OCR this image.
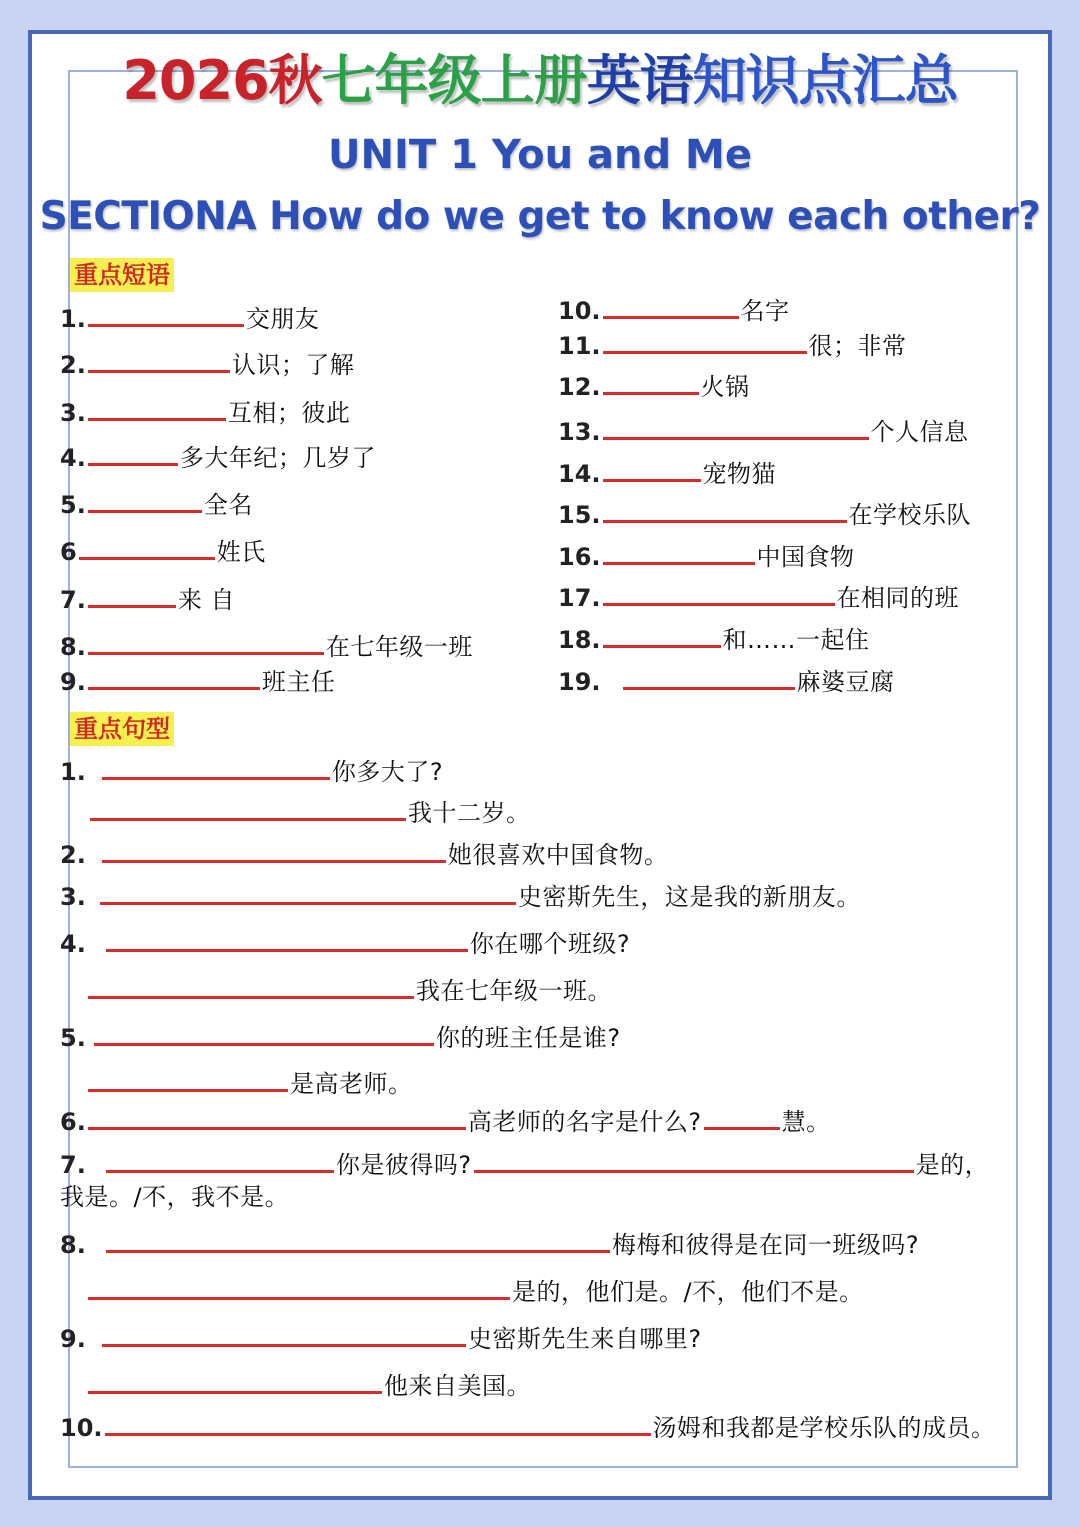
2026秋七年级上册英语知识点汇总
UNIT 1 You and Me
SECTIONA How do we get to know each other?
重点短语
1.	交朋友
2.	认识；了解
3.	互相；彼此
4.	多大年纪；几岁了
5.	全名
6	姓氏
7.	来 自
8.	在七年级一班
9.	班主任
10.	名字
11.	很；非常
12.	火锅
13.	个人信息
14.	宠物猫
15.	在学校乐队
16.	中国食物
17.	在相同的班
18.	和……一起住
19.	麻婆豆腐
重点句型
1.	你多大了?
我十二岁。
2.	她很喜欢中国食物。
3.	史密斯先生，这是我的新朋友。
4.	你在哪个班级?
我在七年级一班。
5.	你的班主任是谁?
是高老师。
6.	高老师的名字是什么?	慧。
7.	你是彼得吗?	是的，
我是。/不，我不是。
8.	梅梅和彼得是在同一班级吗?
是的，他们是。/不，他们不是。
9.	史密斯先生来自哪里?
他来自美国。
10.	汤姆和我都是学校乐队的成员。
